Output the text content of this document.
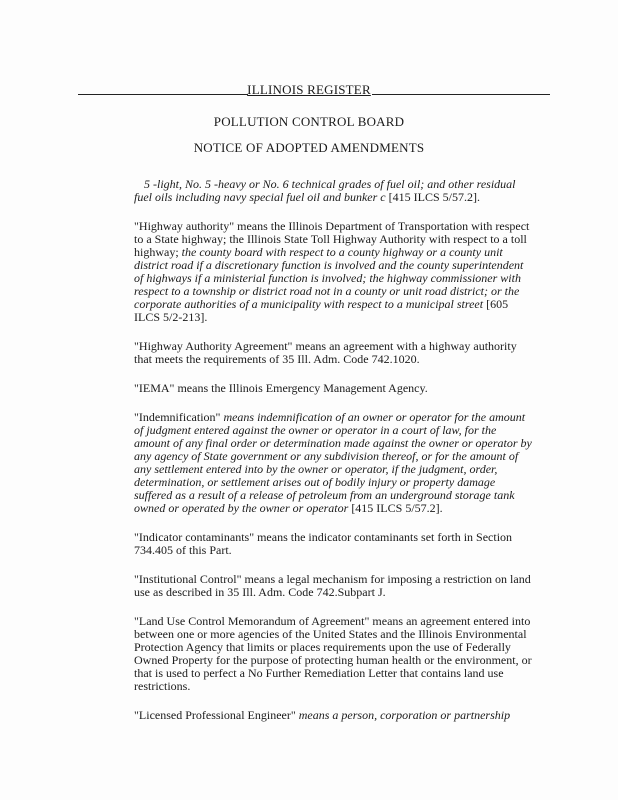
ILLINOIS REGISTER
POLLUTION CONTROL BOARD
NOTICE OF ADOPTED AMENDMENTS

5 -light, No. 5 -heavy or No. 6 technical grades of fuel oil; and other residual fuel oils including navy special fuel oil and bunker c [415 ILCS 5/57.2].

"Highway authority" means the Illinois Department of Transportation with respect to a State highway; the Illinois State Toll Highway Authority with respect to a toll highway; the county board with respect to a county highway or a county unit district road if a discretionary function is involved and the county superintendent of highways if a ministerial function is involved; the highway commissioner with respect to a township or district road not in a county or unit road district; or the corporate authorities of a municipality with respect to a municipal street [605 ILCS 5/2-213].

"Highway Authority Agreement" means an agreement with a highway authority that meets the requirements of 35 Ill. Adm. Code 742.1020.

"IEMA" means the Illinois Emergency Management Agency.

"Indemnification" means indemnification of an owner or operator for the amount of judgment entered against the owner or operator in a court of law, for the amount of any final order or determination made against the owner or operator by any agency of State government or any subdivision thereof, or for the amount of any settlement entered into by the owner or operator, if the judgment, order, determination, or settlement arises out of bodily injury or property damage suffered as a result of a release of petroleum from an underground storage tank owned or operated by the owner or operator [415 ILCS 5/57.2].

"Indicator contaminants" means the indicator contaminants set forth in Section 734.405 of this Part.

"Institutional Control" means a legal mechanism for imposing a restriction on land use as described in 35 Ill. Adm. Code 742.Subpart J.

"Land Use Control Memorandum of Agreement" means an agreement entered into between one or more agencies of the United States and the Illinois Environmental Protection Agency that limits or places requirements upon the use of Federally Owned Property for the purpose of protecting human health or the environment, or that is used to perfect a No Further Remediation Letter that contains land use restrictions.

"Licensed Professional Engineer" means a person, corporation or partnership
